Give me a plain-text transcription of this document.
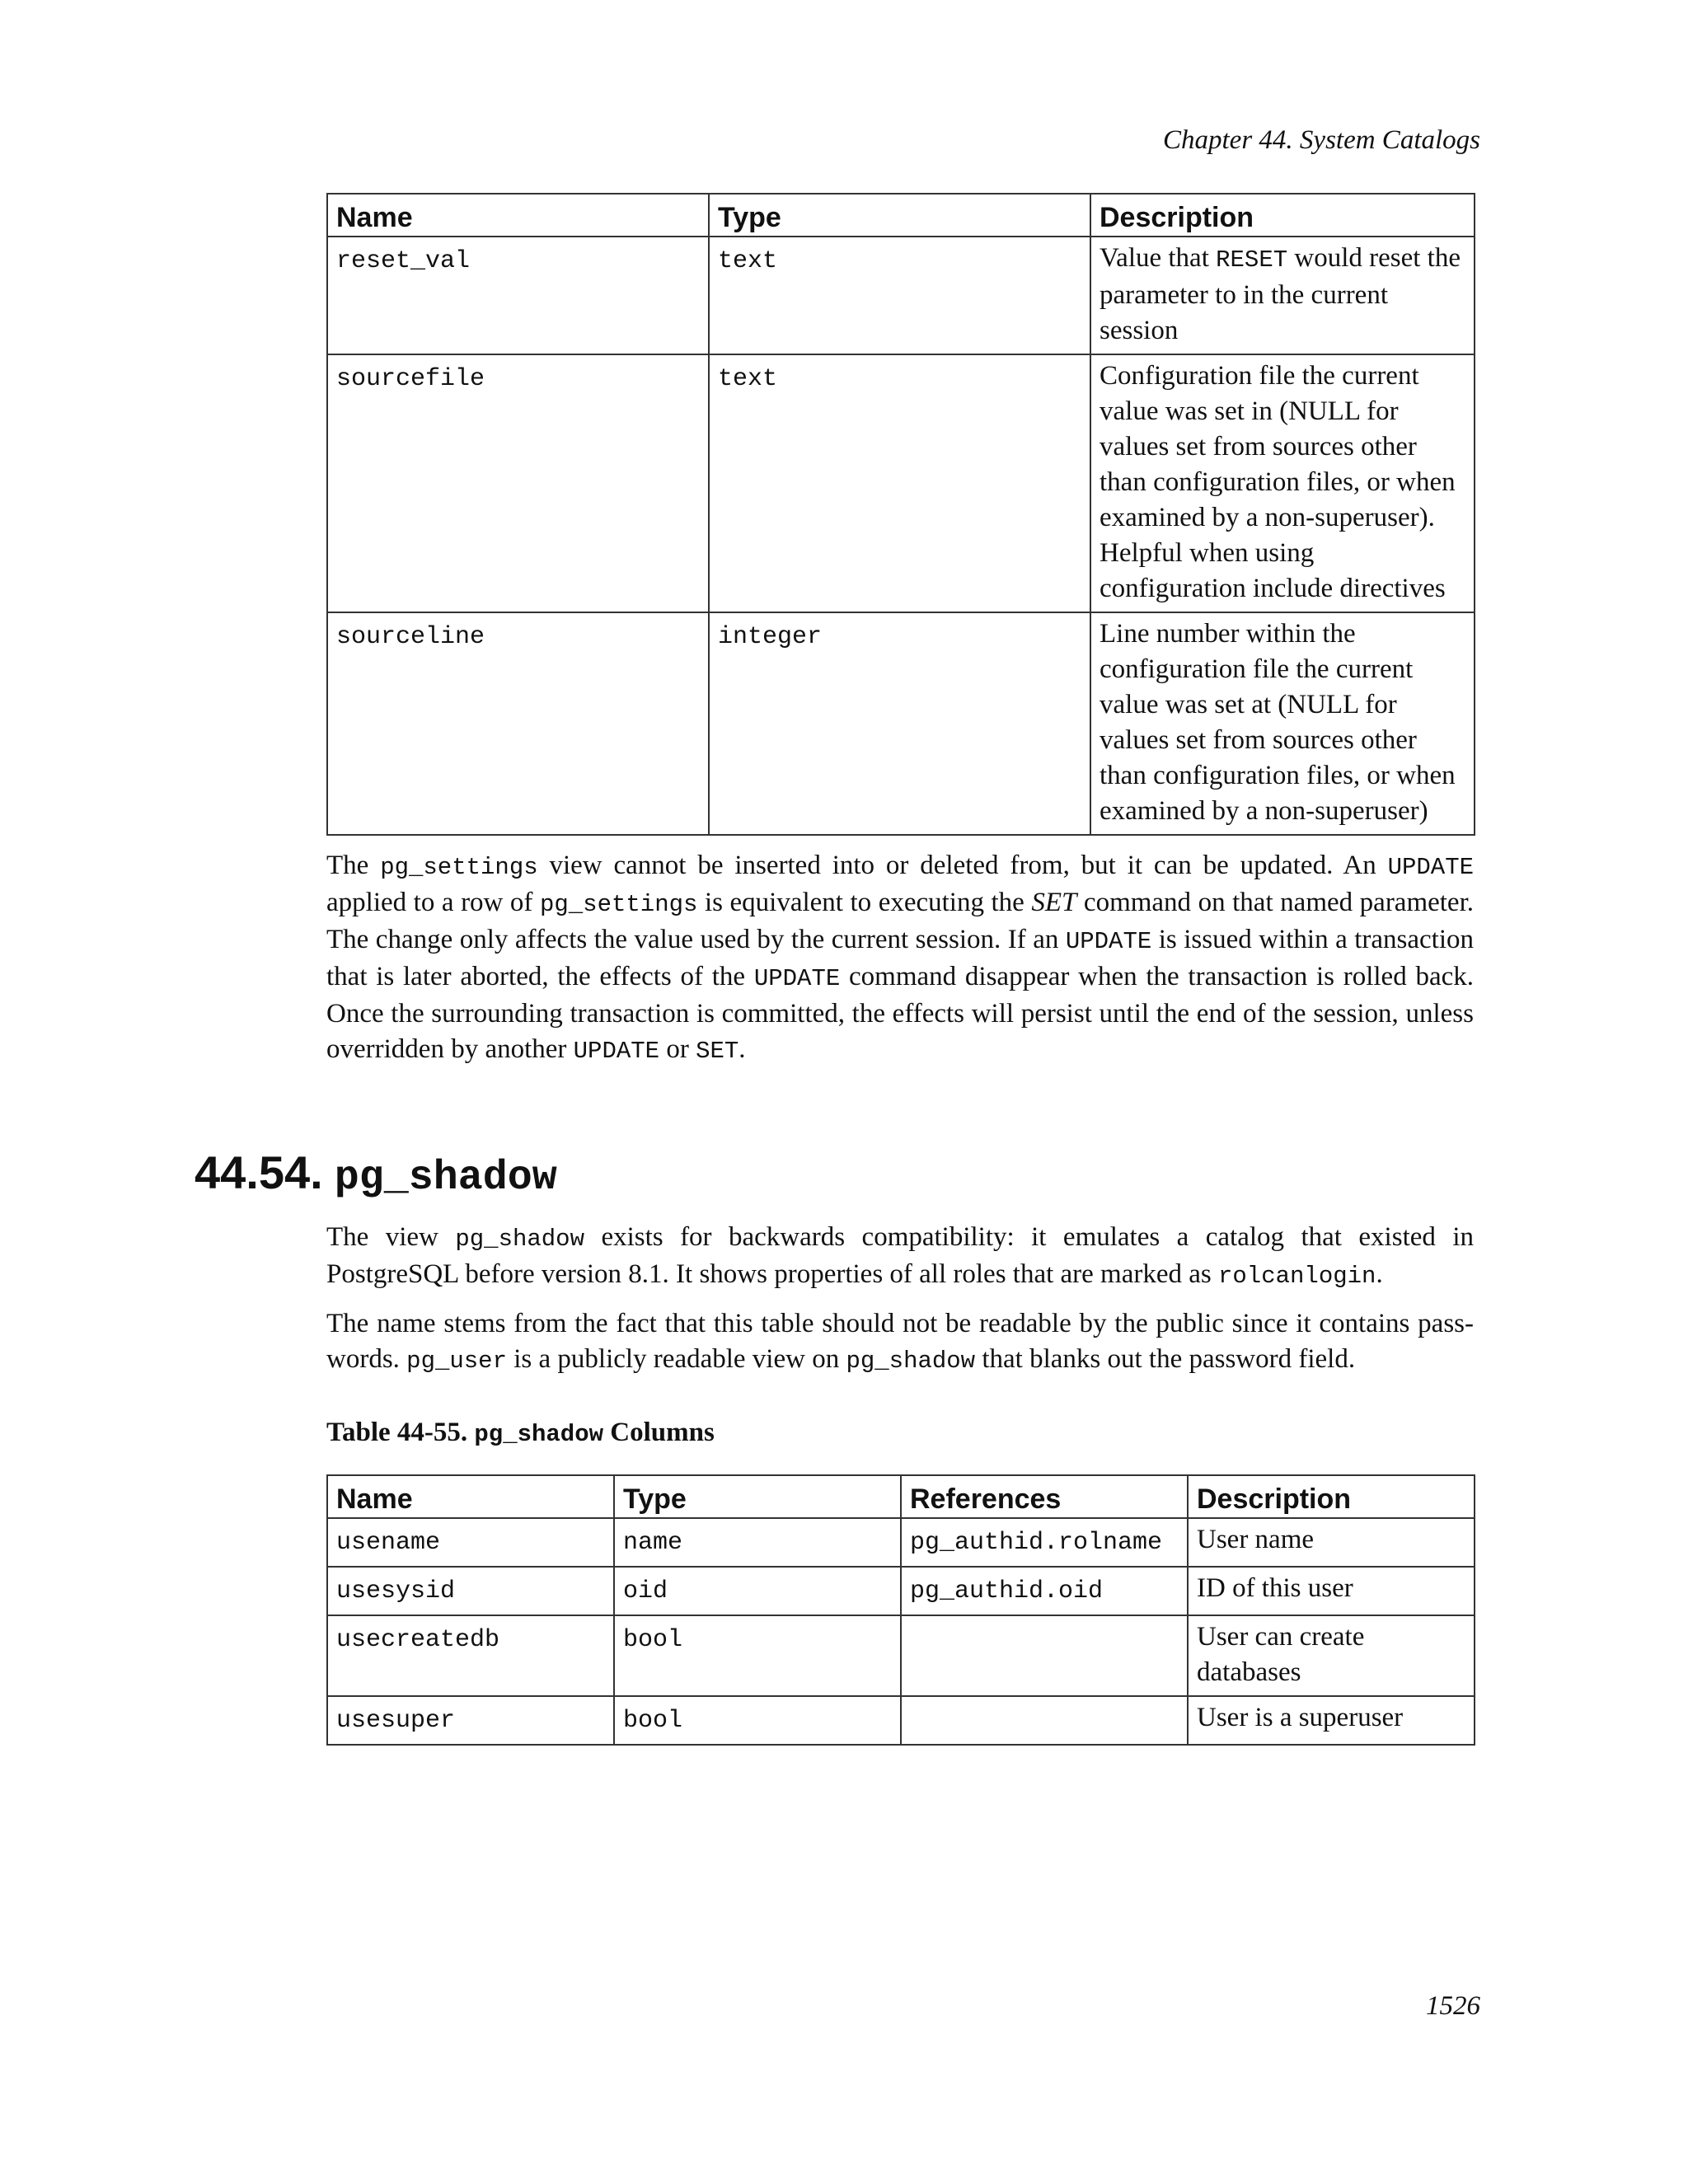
Chapter 44. System Catalogs
Name	Type	Description
reset_val	text	Value that RESET would reset the parameter to in the current session
sourcefile	text	Configuration file the current value was set in (NULL for values set from sources other than configuration files, or when examined by a non-superuser). Helpful when using configuration include directives
sourceline	integer	Line number within the configuration file the current value was set at (NULL for values set from sources other than configuration files, or when examined by a non-superuser)

The pg_settings view cannot be inserted into or deleted from, but it can be updated. An UPDATE applied to a row of pg_settings is equivalent to executing the SET command on that named parameter. The change only affects the value used by the current session. If an UPDATE is issued within a transaction that is later aborted, the effects of the UPDATE command disappear when the transaction is rolled back. Once the surrounding transaction is committed, the effects will persist until the end of the session, unless overridden by another UPDATE or SET.

44.54. pg_shadow

The view pg_shadow exists for backwards compatibility: it emulates a catalog that existed in PostgreSQL before version 8.1. It shows properties of all roles that are marked as rolcanlogin.

The name stems from the fact that this table should not be readable by the public since it contains pass-words. pg_user is a publicly readable view on pg_shadow that blanks out the password field.

Table 44-55. pg_shadow Columns
Name	Type	References	Description
usename	name	pg_authid.rolname	User name
usesysid	oid	pg_authid.oid	ID of this user
usecreatedb	bool		User can create databases
usesuper	bool		User is a superuser
1526
